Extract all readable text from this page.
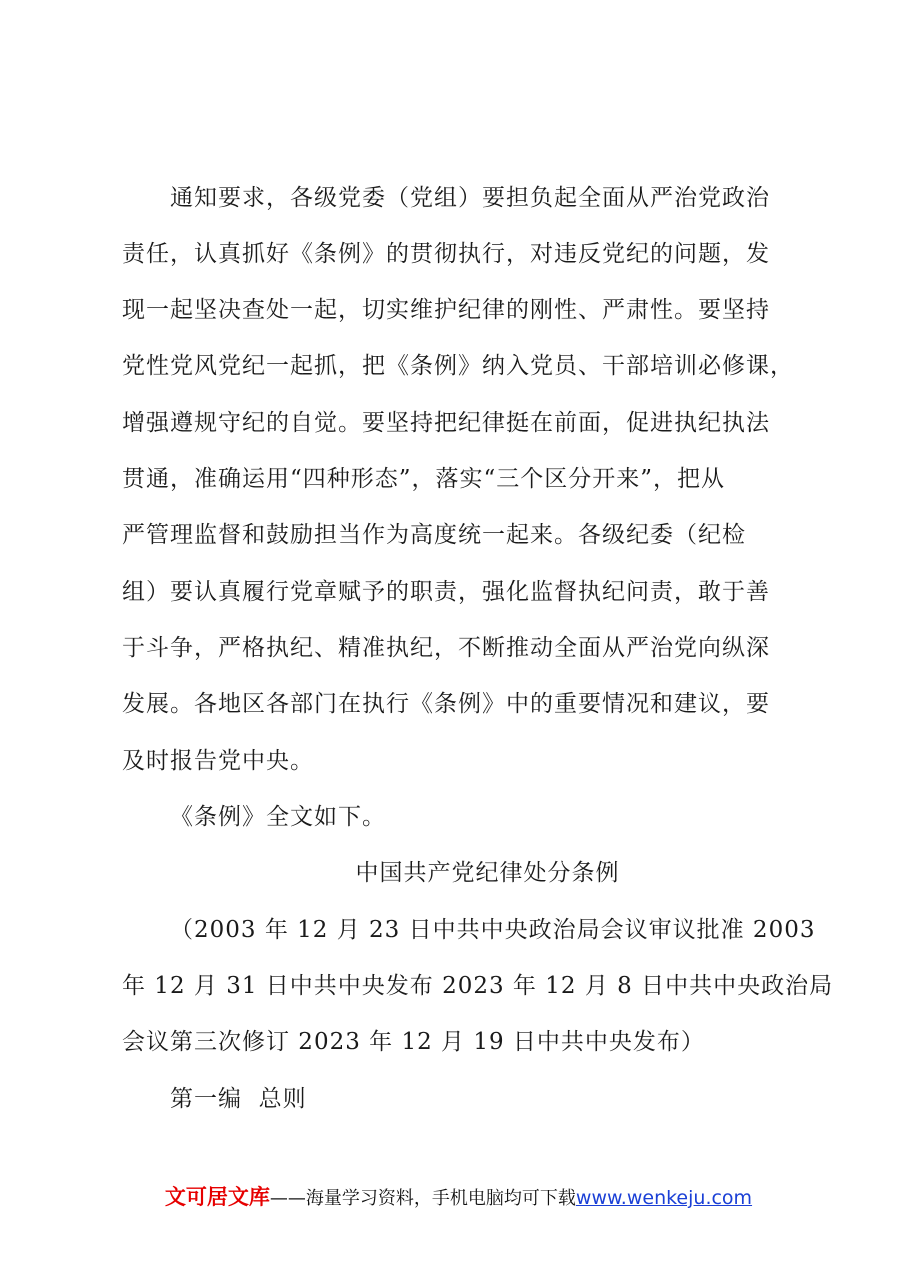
通知要求，各级党委（党组）要担负起全面从严治党政治
责任，认真抓好《条例》的贯彻执行，对违反党纪的问题，发
现一起坚决查处一起，切实维护纪律的刚性、严肃性。要坚持
党性党风党纪一起抓，把《条例》纳入党员、干部培训必修课，
增强遵规守纪的自觉。要坚持把纪律挺在前面，促进执纪执法
贯通，准确运用“四种形态”，落实“三个区分开来”，把从
严管理监督和鼓励担当作为高度统一起来。各级纪委（纪检
组）要认真履行党章赋予的职责，强化监督执纪问责，敢于善
于斗争，严格执纪、精准执纪，不断推动全面从严治党向纵深
发展。各地区各部门在执行《条例》中的重要情况和建议，要
及时报告党中央。
《条例》全文如下。
中国共产党纪律处分条例
（2003 年 12 月 23 日中共中央政治局会议审议批准 2003
年 12 月 31 日中共中央发布 2023 年 12 月 8 日中共中央政治局
会议第三次修订 2023 年 12 月 19 日中共中央发布）
第一编  总则
文可居文库——海量学习资料，手机电脑均可下载www.wenkeju.com
